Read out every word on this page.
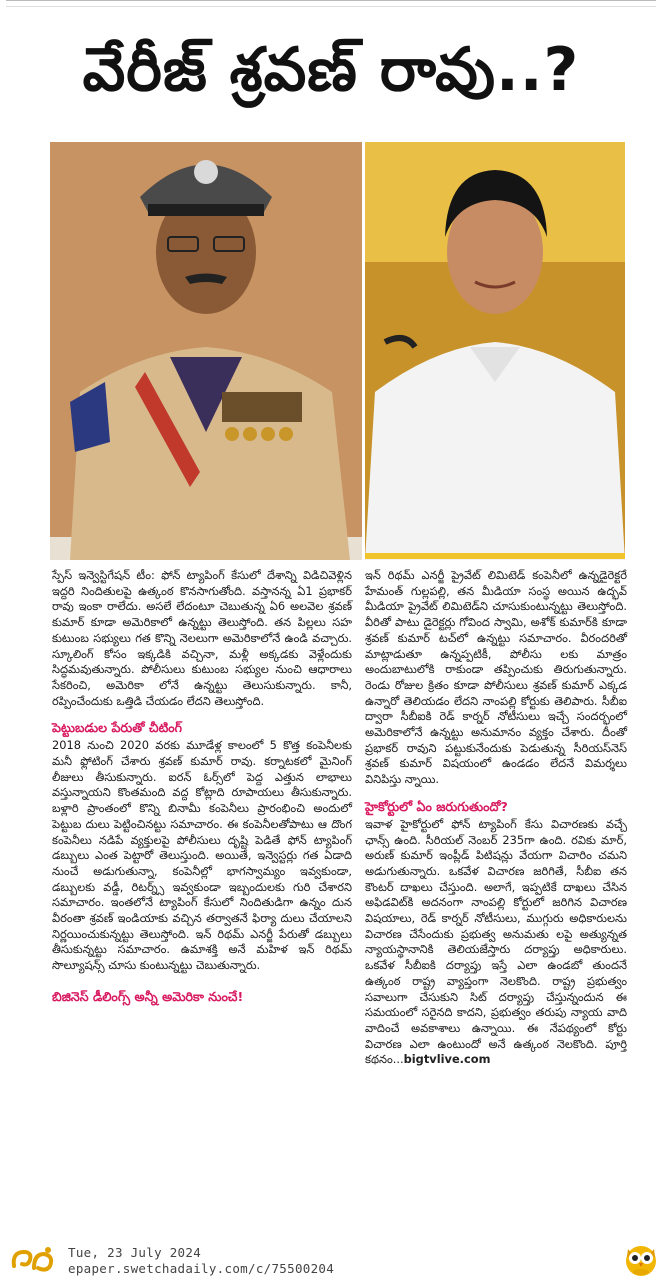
వేరీజ్‌ శ్రవణ్‌ రావు..?

స్పేస్‌ ఇన్వెస్టిగేషన్‌ టీం: ఫోన్‌ ట్యాపింగ్‌ కేసులో దేశాన్ని విడిచివెళ్లిన ఇద్దరి నిందితులపై ఉత్కంఠ కొనసాగుతోంది. వస్తానన్న ఏ1 ప్రభాకర్‌ రావు ఇంకా రాలేదు. అసలే లేదంటూ చెబుతున్న ఏ6 అలవెల శ్రవణ్‌ కుమార్‌ కూడా అమెరికాలో ఉన్నట్టు తెలుస్తోంది. తన పిల్లలు సహ కుటుంబ సభ్యులు గత కొన్ని నెలలుగా అమెరికాలోనే ఉండి వచ్చారు. స్కూలింగ్‌ కోసం ఇక్కడికి వచ్చినా, మళ్లీ అక్కడకు వెళ్లేందుకు సిద్ధమవుతున్నారు. పోలీసులు కుటుంబ సభ్యుల నుంచి ఆధారాలు సేకరించి, అమెరికా లోనే ఉన్నట్టు తెలుసుకున్నారు. కానీ, రప్పించేందుకు ఒత్తిడి చేయడం లేదని తెలుస్తోంది.

పెట్టుబడుల పేరుతో చీటింగ్‌

2018 నుంచి 2020 వరకు మూడేళ్ల కాలంలో 5 కొత్త కంపెనీలకు మనీ ఫ్లోటింగ్‌ చేశారు శ్రవణ్‌ కుమార్‌ రావు. కర్నాటకలో మైనింగ్‌ లీజులు తీసుకున్నారు. ఐరన్‌ ఓర్స్‌లో పెద్ద ఎత్తున లాభాలు వస్తున్నాయని కొంతమంది వద్ద కోట్లాది రూపాయలు తీసుకున్నారు. బళ్లారి ప్రాంతంలో కొన్ని బినామీ కంపెనీలు ప్రారంభించి అందులో పెట్టుబ దులు పెట్టించినట్టు సమాచారం. ఈ కంపెనీలతోపాటు ఆ దొంగ కంపెనీలు నడిపే వ్యక్తులపై పోలీసులు దృష్టి పెడితే ఫోన్‌ ట్యాపింగ్‌ డబ్బులు ఎంత పెట్టారో తెలుస్తుంది. అయితే, ఇన్వెస్టర్లు గత ఏడాది నుంచే అడుగుతున్నా, కంపెనీల్లో భాగస్వామ్యం ఇవ్వకుండా, డబ్బులకు వడ్డీ, రిటర్న్స్‌ ఇవ్వకుండా ఇబ్బందులకు గురి చేశారని సమాచారం. ఇంతలోనే ట్యాపింగ్‌ కేసులో నిందితుడిగా ఉన్నం దున వీరంతా శ్రవణ్‌ ఇండియాకు వచ్చిన తర్వాతనే ఫిర్యా దులు చేయాలని నిర్ణయించుకున్నట్టు తెలుస్తోంది. ఇన్‌ రిథమ్‌ ఎనర్జీ పేరుతో డబ్బులు తీసుకున్నట్టు సమాచారం. ఉమాశక్తి అనే మహిళ ఇన్‌ రిథమ్‌ సొల్యూషన్స్‌ చూసు కుంటున్నట్టు చెబుతున్నారు.

బిజినెస్‌ డీలింగ్స్‌ అన్నీ అమెరికా నుంచే!

ఇన్‌ రిథమ్‌ ఎనర్జీ ప్రైవేట్‌ లిమిటెడ్‌ కంపెనీలో ఉన్నడైరెక్టరే హేమంత్‌ గుల్లపల్లి, తన మీడియా సంస్థ అయిన ఉద్భవ్‌ మీడియా ప్రైవేట్‌ లిమిటెడ్‌ని చూసుకుంటున్నట్టు తెలుస్తోంది. వీరితో పాటు డైరెక్టర్లు గోవింద స్వామి, అశోక్‌ కుమార్‌కి కూడా శ్రవణ్‌ కుమార్‌ టచ్‌లో ఉన్నట్టు సమాచారం. వీరందరితో మాట్లాడుతూ ఉన్నప్పటికీ, పోలీసు లకు మాత్రం అందుబాటులోకి రాకుండా తప్పించుకు తిరుగుతున్నారు. రెండు రోజుల క్రితం కూడా పోలీసులు శ్రవణ్‌ కుమార్‌ ఎక్కడ ఉన్నారో తెలియడం లేదని నాంపల్లి కోర్టుకు తెలిపారు. సీబీఐ ద్వారా సీబీఐకి రెడ్‌ కార్నర్‌ నోటీసులు ఇచ్చే సందర్భంలో అమెరికాలోనే ఉన్నట్టు అనుమానం వ్యక్తం చేశారు. దీంతో ప్రభాకర్‌ రావుని పట్టుకునేందుకు పెడుతున్న సీరియస్‌నెస్‌ శ్రవణ్‌ కుమార్‌ విషయంలో ఉండడం లేదనే విమర్శలు వినిపిస్తు న్నాయి.

హైకోర్టులో ఏం జరుగుతుందో?

ఇవాళ హైకోర్టులో ఫోన్‌ ట్యాపింగ్‌ కేసు విచారణకు వచ్చే ఛాన్స్‌ ఉంది. సీరియల్‌ నెంబర్‌ 235గా ఉంది. రవికు మార్‌, అరుణ్‌ కుమార్‌ ఇంప్లీడ్‌ పిటిషన్లు వేయగా విచారిం చమని అడుగుతున్నారు. ఒకవేళ విచారణ జరిగితే, సీబీఐ తన కౌంటర్‌ దాఖలు చేస్తుంది. అలాగే, ఇప్పటికే దాఖలు చేసిన అఫిడవిట్‌కి అదనంగా నాంపల్లి కోర్టులో జరిగిన విచారణ విషయాలు, రెడ్‌ కార్నర్‌ నోటీసులు, ముగ్గురు అధికారులను విచారణ చేసేందుకు ప్రభుత్వ అనుమతు లపై అత్యున్నత న్యాయస్థానానికి తెలియజేస్తారు దర్యాప్తు అధికారులు. ఒకవేళ సీబీఐకి దర్యాప్తు ఇస్తే ఎలా ఉండబో తుందనే ఉత్కంఠ రాష్ట్ర వ్యాప్తంగా నెలకొంది. రాష్ట్ర ప్రభుత్వం సవాలుగా చేసుకుని సిట్‌ దర్యాప్తు చేస్తున్నందున ఈ సమయంలో సరైనది కాదని, ప్రభుత్వం తరుపు న్యాయ వాది వాదించే అవకాశాలు ఉన్నాయి. ఈ నేపథ్యంలో కోర్టు విచారణ ఎలా ఉంటుందో అనే ఉత్కంఠ నెలకొంది. పూర్తి కథనం...bigtvlive.com

Tue, 23 July 2024
epaper.swetchadaily.com/c/75500204
